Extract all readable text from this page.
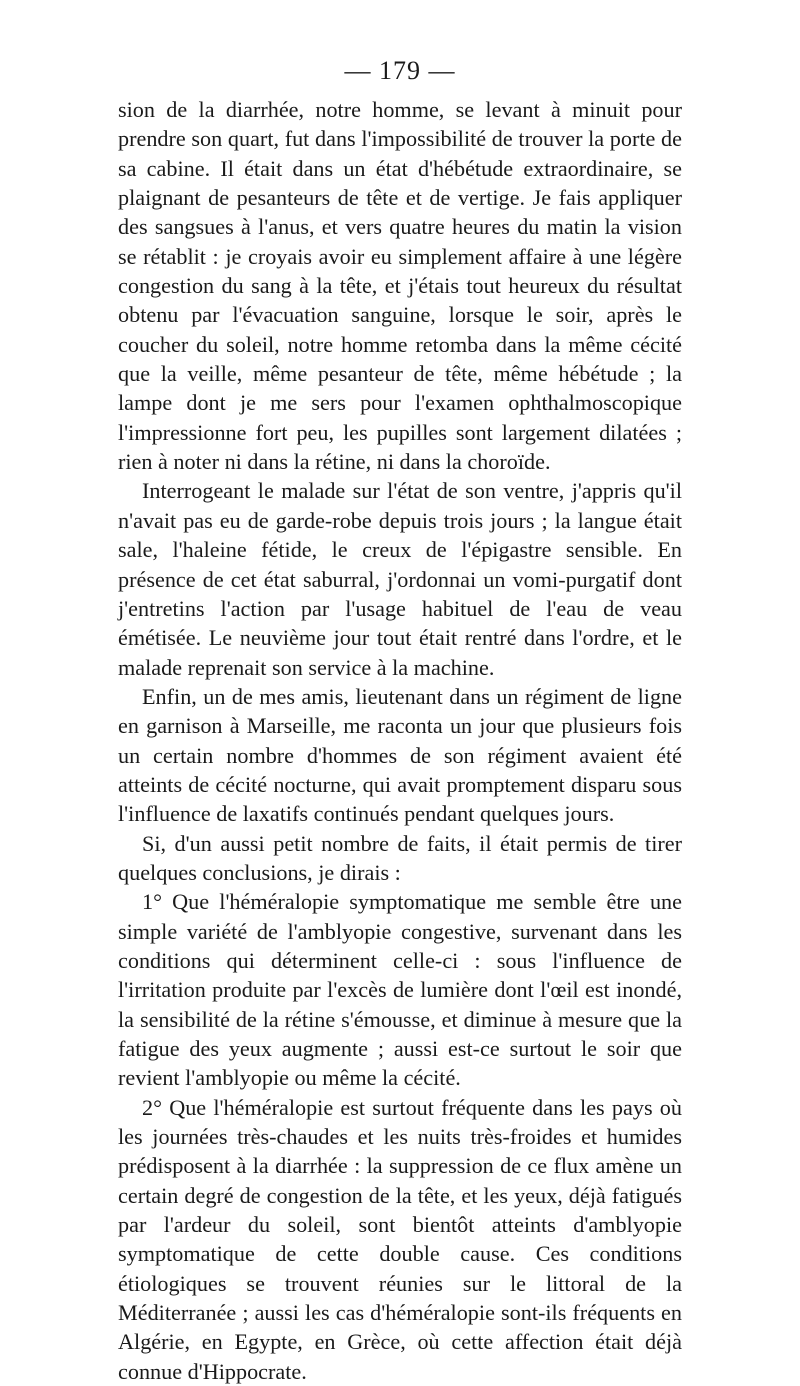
— 179 —

sion de la diarrhée, notre homme, se levant à minuit pour prendre son quart, fut dans l'impossibilité de trouver la porte de sa cabine. Il était dans un état d'hébétude extraordinaire, se plaignant de pesanteurs de tête et de vertige. Je fais appliquer des sangsues à l'anus, et vers quatre heures du matin la vision se rétablit : je croyais avoir eu simplement affaire à une légère congestion du sang à la tête, et j'étais tout heureux du résultat obtenu par l'évacuation sanguine, lorsque le soir, après le coucher du soleil, notre homme retomba dans la même cécité que la veille, même pesanteur de tête, même hébétude ; la lampe dont je me sers pour l'examen ophthalmoscopique l'impressionne fort peu, les pupilles sont largement dilatées ; rien à noter ni dans la rétine, ni dans la choroïde.

Interrogeant le malade sur l'état de son ventre, j'appris qu'il n'avait pas eu de garde-robe depuis trois jours ; la langue était sale, l'haleine fétide, le creux de l'épigastre sensible. En présence de cet état saburral, j'ordonnai un vomi-purgatif dont j'entretins l'action par l'usage habituel de l'eau de veau émétisée. Le neuvième jour tout était rentré dans l'ordre, et le malade reprenait son service à la machine.

Enfin, un de mes amis, lieutenant dans un régiment de ligne en garnison à Marseille, me raconta un jour que plusieurs fois un certain nombre d'hommes de son régiment avaient été atteints de cécité nocturne, qui avait promptement disparu sous l'influence de laxatifs continués pendant quelques jours.

Si, d'un aussi petit nombre de faits, il était permis de tirer quelques conclusions, je dirais :

1° Que l'héméralopie symptomatique me semble être une simple variété de l'amblyopie congestive, survenant dans les conditions qui déterminent celle-ci : sous l'influence de l'irritation produite par l'excès de lumière dont l'œil est inondé, la sensibilité de la rétine s'émousse, et diminue à mesure que la fatigue des yeux augmente ; aussi est-ce surtout le soir que revient l'amblyopie ou même la cécité.

2° Que l'héméralopie est surtout fréquente dans les pays où les journées très-chaudes et les nuits très-froides et humides prédisposent à la diarrhée : la suppression de ce flux amène un certain degré de congestion de la tête, et les yeux, déjà fatigués par l'ardeur du soleil, sont bientôt atteints d'amblyopie symptomatique de cette double cause. Ces conditions étiologiques se trouvent réunies sur le littoral de la Méditerranée ; aussi les cas d'héméralopie sont-ils fréquents en Algérie, en Egypte, en Grèce, où cette affection était déjà connue d'Hippocrate.
